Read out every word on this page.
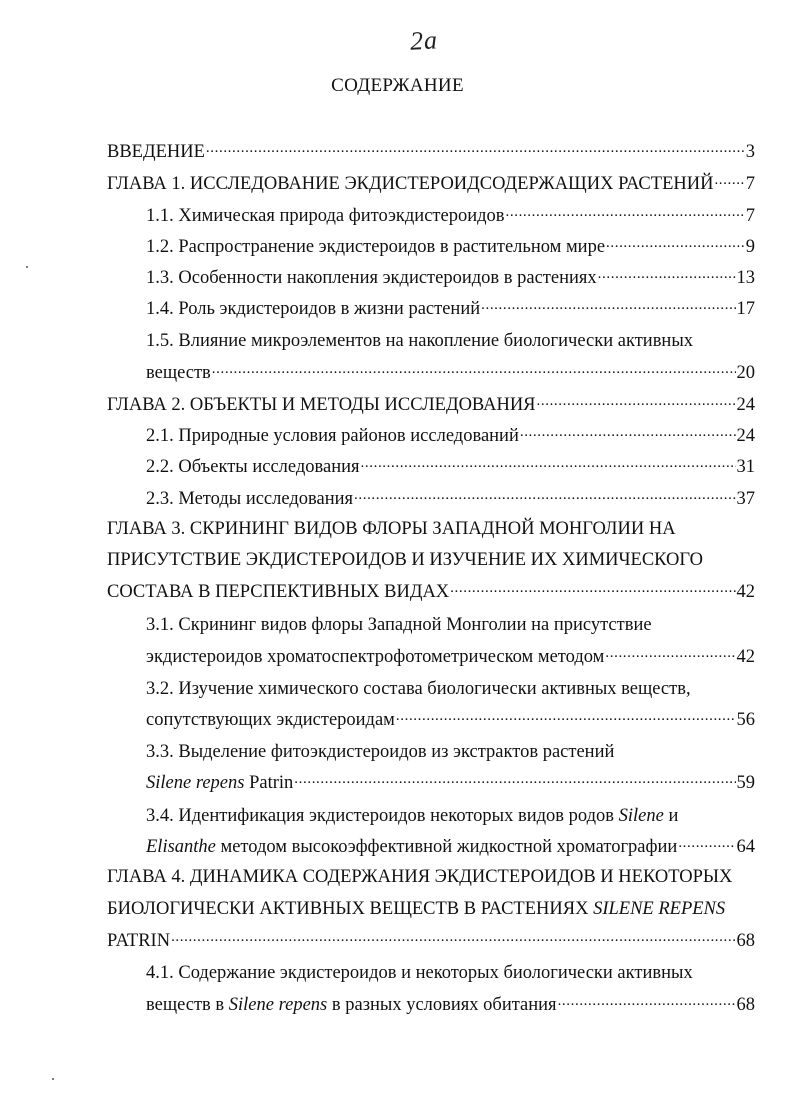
2а
СОДЕРЖАНИЕ
ВВЕДЕНИЕ .....	3
ГЛАВА 1. ИССЛЕДОВАНИЕ ЭКДИСТЕРОИДСОДЕРЖАЩИХ РАСТЕНИЙ ..... 7
1.1. Химическая природа фитоэкдистероидов .....	7
1.2. Распространение экдистероидов в растительном мире .....	9
1.3. Особенности накопления экдистероидов в растениях .....	13
1.4. Роль экдистероидов в жизни растений .....	17
1.5. Влияние микроэлементов на накопление биологически активных
веществ .....	20
ГЛАВА 2. ОБЪЕКТЫ И МЕТОДЫ ИССЛЕДОВАНИЯ .....	24
2.1. Природные условия районов исследований .....	24
2.2. Объекты исследования .....	31
2.3. Методы исследования .....	37
ГЛАВА 3. СКРИНИНГ ВИДОВ ФЛОРЫ ЗАПАДНОЙ МОНГОЛИИ НА
ПРИСУТСТВИЕ ЭКДИСТЕРОИДОВ И ИЗУЧЕНИЕ ИХ ХИМИЧЕСКОГО
СОСТАВА В ПЕРСПЕКТИВНЫХ ВИДАХ .....	42
3.1. Скрининг видов флоры Западной Монголии на присутствие
экдистероидов хроматоспектрофотометрическом методом .....	42
3.2. Изучение химического состава биологически активных веществ,
сопутствующих экдистероидам .....	56
3.3. Выделение фитоэкдистероидов из экстрактов растений
Silene repens Patrin .....	59
3.4. Идентификация экдистероидов некоторых видов родов Silene и
Elisanthe методом высокоэффективной жидкостной хроматографии .....	64
ГЛАВА 4. ДИНАМИКА СОДЕРЖАНИЯ ЭКДИСТЕРОИДОВ И НЕКОТОРЫХ
БИОЛОГИЧЕСКИ АКТИВНЫХ ВЕЩЕСТВ В РАСТЕНИЯХ SILENE REPENS
PATRIN .....	68
4.1. Содержание экдистероидов и некоторых биологически активных
веществ в Silene repens в разных условиях обитания .....	68
